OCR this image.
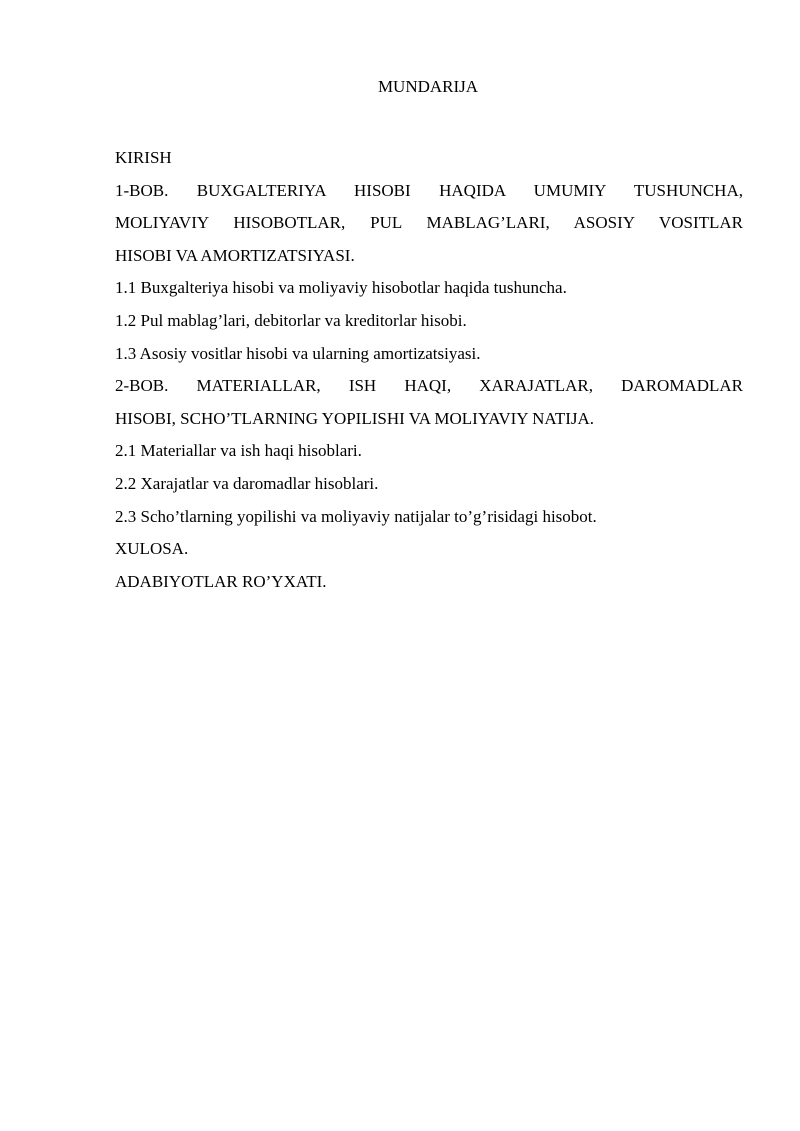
MUNDARIJA
KIRISH
1-BOB. BUXGALTERIYA HISOBI HAQIDA UMUMIY TUSHUNCHA,
MOLIYAVIY HISOBOTLAR, PUL MABLAG’LARI, ASOSIY VOSITLAR
HISOBI VA AMORTIZATSIYASI.
1.1 Buxgalteriya hisobi va moliyaviy hisobotlar haqida tushuncha.
1.2 Pul mablag’lari, debitorlar va kreditorlar hisobi.
1.3 Asosiy vositlar hisobi va ularning amortizatsiyasi.
2-BOB. MATERIALLAR, ISH HAQI, XARAJATLAR, DAROMADLAR
HISOBI, SCHO’TLARNING YOPILISHI VA MOLIYAVIY NATIJA.
2.1 Materiallar va ish haqi hisoblari.
2.2 Xarajatlar va daromadlar hisoblari.
2.3 Scho’tlarning yopilishi va moliyaviy natijalar to’g’risidagi hisobot.
XULOSA.
ADABIYOTLAR RO’YXATI.
